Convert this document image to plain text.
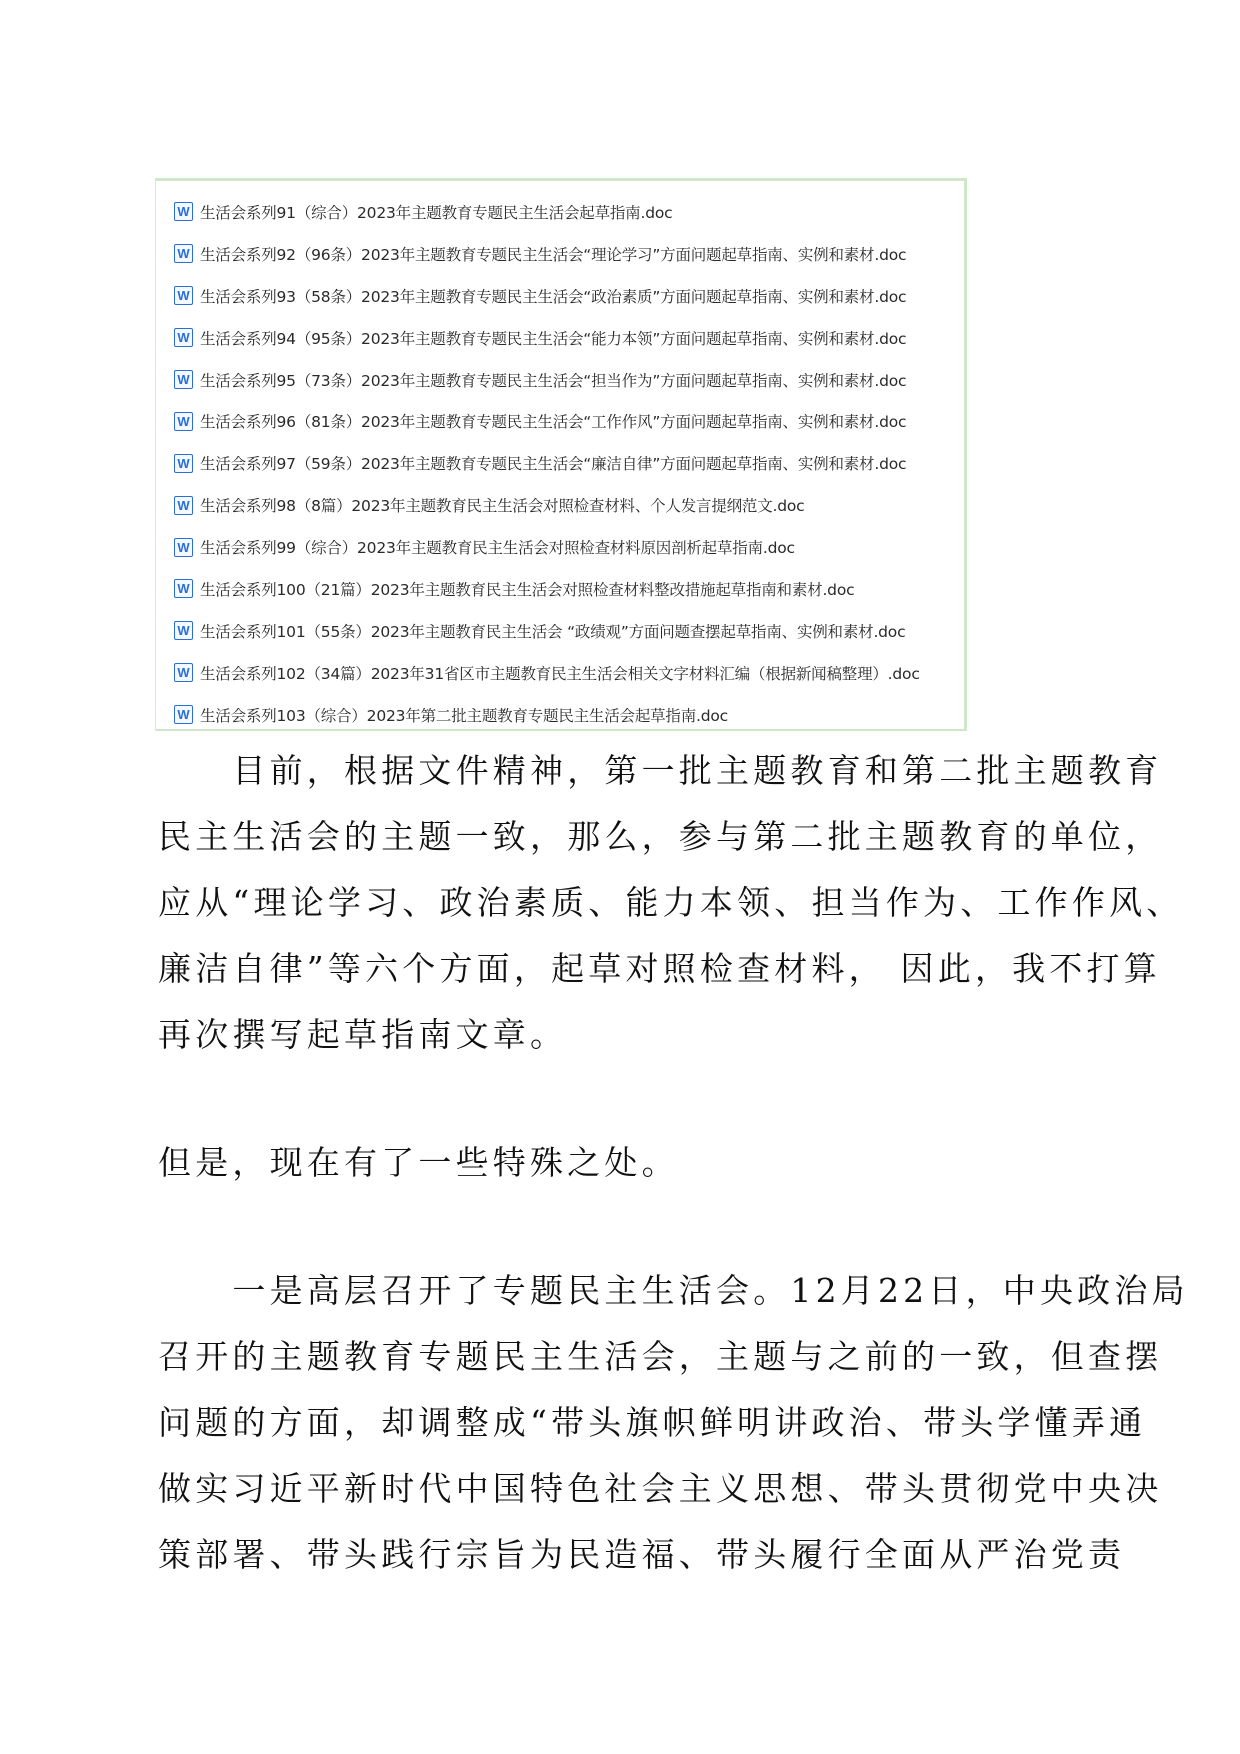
W 生活会系列91（综合）2023年主题教育专题民主生活会起草指南.doc
W 生活会系列92（96条）2023年主题教育专题民主生活会“理论学习”方面问题起草指南、实例和素材.doc
W 生活会系列93（58条）2023年主题教育专题民主生活会“政治素质”方面问题起草指南、实例和素材.doc
W 生活会系列94（95条）2023年主题教育专题民主生活会“能力本领”方面问题起草指南、实例和素材.doc
W 生活会系列95（73条）2023年主题教育专题民主生活会“担当作为”方面问题起草指南、实例和素材.doc
W 生活会系列96（81条）2023年主题教育专题民主生活会“工作作风”方面问题起草指南、实例和素材.doc
W 生活会系列97（59条）2023年主题教育专题民主生活会“廉洁自律”方面问题起草指南、实例和素材.doc
W 生活会系列98（8篇）2023年主题教育民主生活会对照检查材料、个人发言提纲范文.doc
W 生活会系列99（综合）2023年主题教育民主生活会对照检查材料原因剖析起草指南.doc
W 生活会系列100（21篇）2023年主题教育民主生活会对照检查材料整改措施起草指南和素材.doc
W 生活会系列101（55条）2023年主题教育民主生活会 “政绩观”方面问题查摆起草指南、实例和素材.doc
W 生活会系列102（34篇）2023年31省区市主题教育民主生活会相关文字材料汇编（根据新闻稿整理）.doc
W 生活会系列103（综合）2023年第二批主题教育专题民主生活会起草指南.doc
　　目前，根据文件精神，第一批主题教育和第二批主题教育
民主生活会的主题一致，那么，参与第二批主题教育的单位，
应从“理论学习、政治素质、能力本领、担当作为、工作作风、
廉洁自律”等六个方面，起草对照检查材料， 因此，我不打算
再次撰写起草指南文章。
但是，现在有了一些特殊之处。
　　一是高层召开了专题民主生活会。12月22日，中央政治局
召开的主题教育专题民主生活会，主题与之前的一致，但查摆
问题的方面，却调整成“带头旗帜鲜明讲政治、带头学懂弄通
做实习近平新时代中国特色社会主义思想、带头贯彻党中央决
策部署、带头践行宗旨为民造福、带头履行全面从严治党责
